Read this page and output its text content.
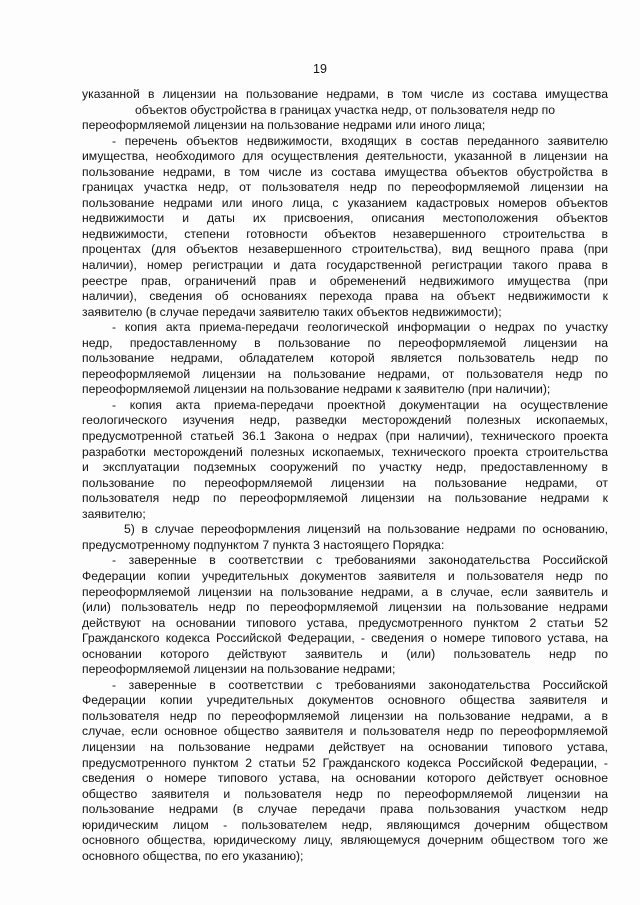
19
указанной в лицензии на пользование недрами, в том числе из состава имущества
объектов обустройства в границах участка недр, от пользователя недр по
переоформляемой лицензии на пользование недрами или иного лица;
- перечень объектов недвижимости, входящих в состав переданного заявителю
имущества, необходимого для осуществления деятельности, указанной в лицензии на
пользование недрами, в том числе из состава имущества объектов обустройства в
границах участка недр, от пользователя недр по переоформляемой лицензии на
пользование недрами или иного лица, с указанием кадастровых номеров объектов
недвижимости и даты их присвоения, описания местоположения объектов
недвижимости, степени готовности объектов незавершенного строительства в
процентах (для объектов незавершенного строительства), вид вещного права (при
наличии), номер регистрации и дата государственной регистрации такого права в
реестре прав, ограничений прав и обременений недвижимого имущества (при
наличии), сведения об основаниях перехода права на объект недвижимости к
заявителю (в случае передачи заявителю таких объектов недвижимости);
- копия акта приема-передачи геологической информации о недрах по участку
недр, предоставленному в пользование по переоформляемой лицензии на
пользование недрами, обладателем которой является пользователь недр по
переоформляемой лицензии на пользование недрами, от пользователя недр по
переоформляемой лицензии на пользование недрами к заявителю (при наличии);
- копия акта приема-передачи проектной документации на осуществление
геологического изучения недр, разведки месторождений полезных ископаемых,
предусмотренной статьей 36.1 Закона о недрах (при наличии), технического проекта
разработки месторождений полезных ископаемых, технического проекта строительства
и эксплуатации подземных сооружений по участку недр, предоставленному в
пользование по переоформляемой лицензии на пользование недрами, от
пользователя недр по переоформляемой лицензии на пользование недрами к
заявителю;
5) в случае переоформления лицензий на пользование недрами по основанию,
предусмотренному подпунктом 7 пункта 3 настоящего Порядка:
- заверенные в соответствии с требованиями законодательства Российской
Федерации копии учредительных документов заявителя и пользователя недр по
переоформляемой лицензии на пользование недрами, а в случае, если заявитель и
(или) пользователь недр по переоформляемой лицензии на пользование недрами
действуют на основании типового устава, предусмотренного пунктом 2 статьи 52
Гражданского кодекса Российской Федерации, - сведения о номере типового устава, на
основании которого действуют заявитель и (или) пользователь недр по
переоформляемой лицензии на пользование недрами;
- заверенные в соответствии с требованиями законодательства Российской
Федерации копии учредительных документов основного общества заявителя и
пользователя недр по переоформляемой лицензии на пользование недрами, а в
случае, если основное общество заявителя и пользователя недр по переоформляемой
лицензии на пользование недрами действует на основании типового устава,
предусмотренного пунктом 2 статьи 52 Гражданского кодекса Российской Федерации, -
сведения о номере типового устава, на основании которого действует основное
общество заявителя и пользователя недр по переоформляемой лицензии на
пользование недрами (в случае передачи права пользования участком недр
юридическим лицом - пользователем недр, являющимся дочерним обществом
основного общества, юридическому лицу, являющемуся дочерним обществом того же
основного общества, по его указанию);
